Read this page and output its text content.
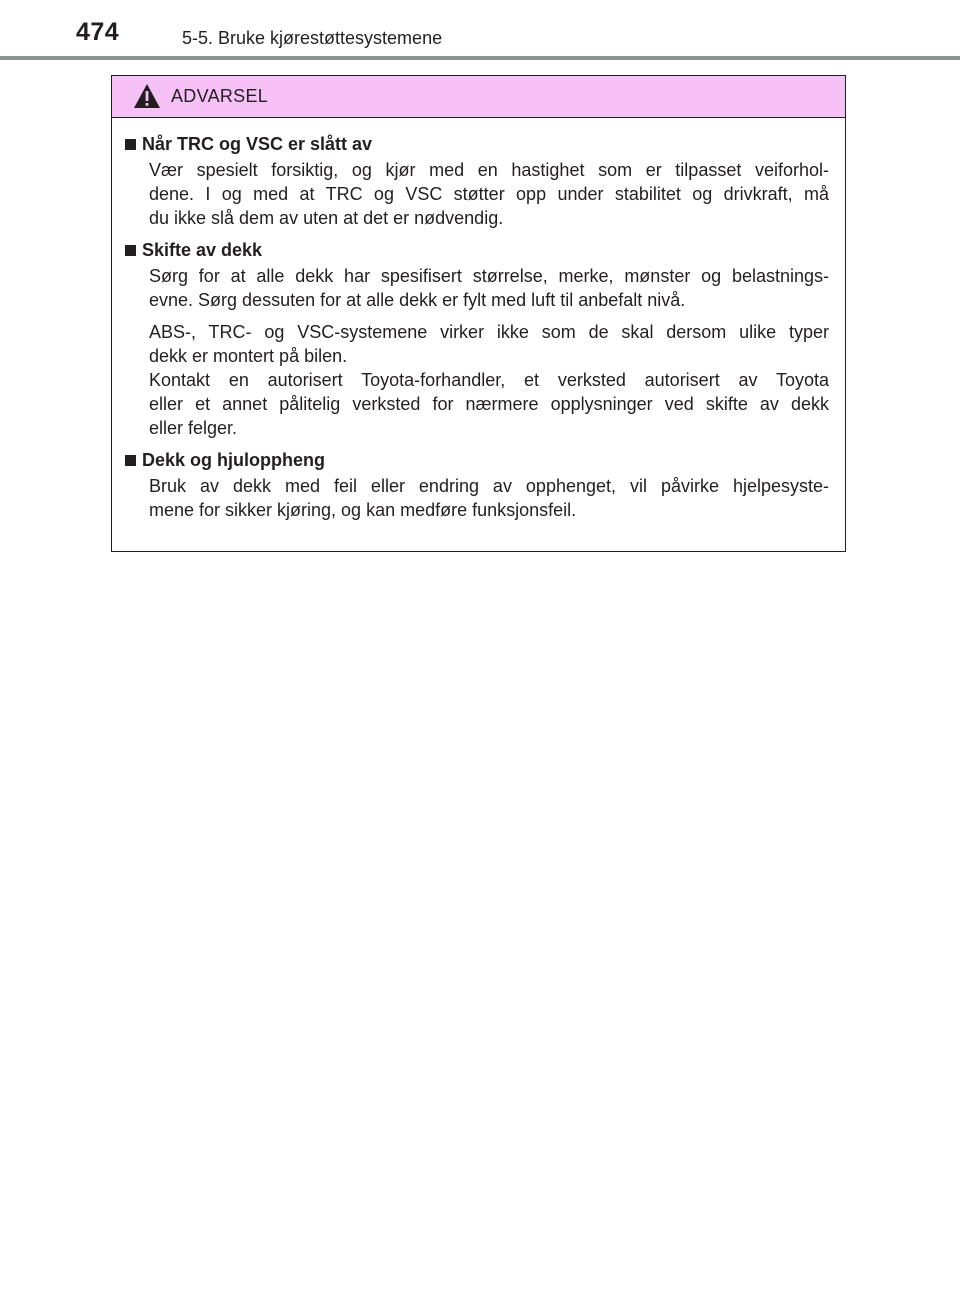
474	5-5. Bruke kjørestøttesystemene
ADVARSEL
Når TRC og VSC er slått av

Vær spesielt forsiktig, og kjør med en hastighet som er tilpasset veiforhol-
dene. I og med at TRC og VSC støtter opp under stabilitet og drivkraft, må
du ikke slå dem av uten at det er nødvendig.

Skifte av dekk

Sørg for at alle dekk har spesifisert størrelse, merke, mønster og belastnings-
evne. Sørg dessuten for at alle dekk er fylt med luft til anbefalt nivå.

ABS-, TRC- og VSC-systemene virker ikke som de skal dersom ulike typer
dekk er montert på bilen.

Kontakt en autorisert Toyota-forhandler, et verksted autorisert av Toyota
eller et annet pålitelig verksted for nærmere opplysninger ved skifte av dekk
eller felger.

Dekk og hjuloppheng

Bruk av dekk med feil eller endring av opphenget, vil påvirke hjelpesyste-
mene for sikker kjøring, og kan medføre funksjonsfeil.
